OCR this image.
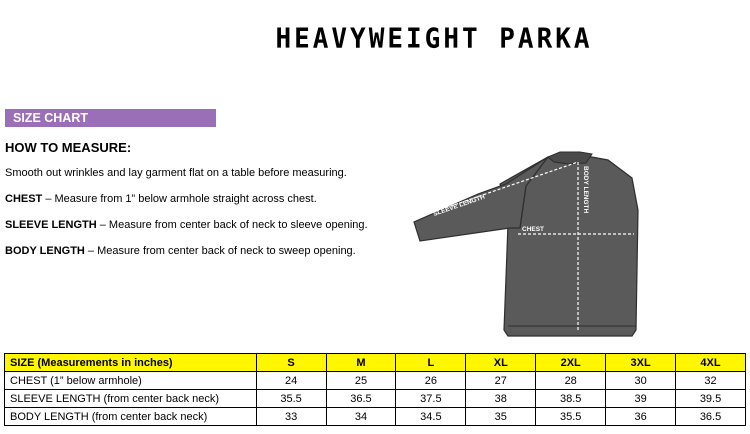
HEAVYWEIGHT PARKA
SIZE CHART
HOW TO MEASURE:
Smooth out wrinkles and lay garment flat on a table before measuring.
CHEST – Measure from 1” below armhole straight across chest.
SLEEVE LENGTH – Measure from center back of neck to sleeve opening.
BODY LENGTH – Measure from center back of neck to sweep opening.
SLEEVE LENGTH
CHEST
BODY LENGTH
SIZE (Measurements in inches)	S	M	L	XL	2XL	3XL	4XL
CHEST (1” below armhole)	24	25	26	27	28	30	32
SLEEVE LENGTH (from center back neck)	35.5	36.5	37.5	38	38.5	39	39.5
BODY LENGTH (from center back neck)	33	34	34.5	35	35.5	36	36.5
